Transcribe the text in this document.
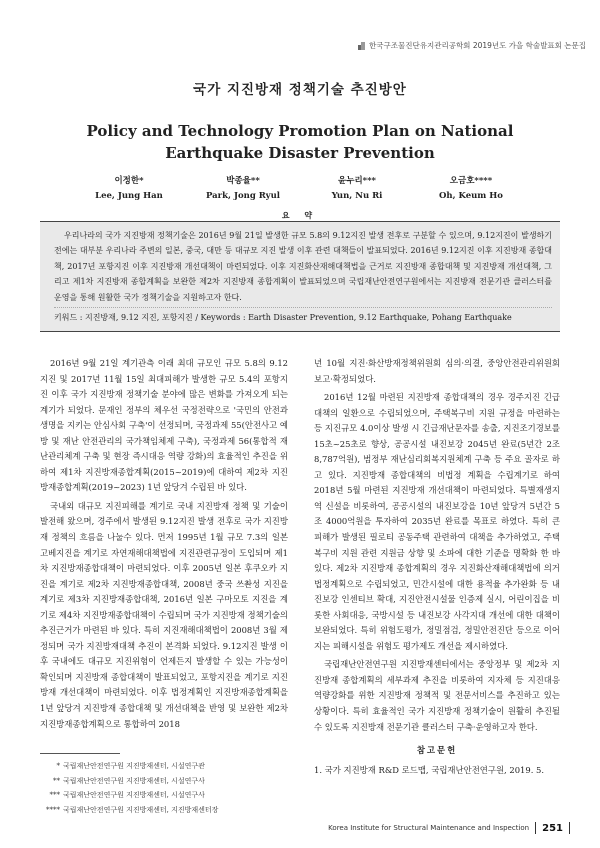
한국구조물진단유지관리공학회 2019년도 가을 학술발표회 논문집
국가 지진방재 정책기술 추진방안
Policy and Technology Promotion Plan on National Earthquake Disaster Prevention
이정한*
Lee, Jung Han
박종율**
Park, Jong Ryul
윤누리***
Yun, Nu Ri
오금호****
Oh, Keum Ho
요 약

우리나라의 국가 지진방재 정책기술은 2016년 9월 21일 발생한 규모 5.8의 9.12지진 발생 전후로 구분할 수 있으며, 9.12지진이 발생하기 전에는 대부분 우리나라 주변의 일본, 중국, 대만 등 대규모 지진 발생 이후 관련 대책들이 발표되었다. 2016년 9.12지진 이후 지진방재 종합대책, 2017년 포항지진 이후 지진방재 개선대책이 마련되었다. 이후 지진화산재해대책법을 근거로 지진방재 종합대책 및 지진방재 개선대책, 그리고 제1차 지진방재 종합계획을 보완한 제2차 지진방재 종합계획이 발표되었으며 국립재난안전연구원에서는 지진방재 전문기관 클러스터를 운영을 통해 원활한 국가 정책기술을 지원하고자 한다.

키워드 : 지진방재, 9.12 지진, 포항지진 / Keywords : Earth Disaster Prevention, 9.12 Earthquake, Pohang Earthquake

2016년 9월 21일 계기관측 이래 최대 규모인 규모 5.8의 9.12지진 및 2017년 11월 15일 최대피해가 발생한 규모 5.4의 포항지진 이후 국가 지진방재 정책기술 분야에 많은 변화를 가져오게 되는 계기가 되었다. 문재인 정부의 체우선 국정전략으로 '국민의 안전과 생명을 지키는 안심사회 구축'이 선정되며, 국정과제 55(안전사고 예방 및 재난 안전관리의 국가책임체제 구축), 국정과제 56(통합적 재난관리체계 구축 및 현장 즉시대응 역량 강화)의 효율적인 추진을 위하여 제1차 지진방재종합계획(2015~2019)에 대하여 제2차 지진방재종합계획(2019~2023) 1년 앞당겨 수립된 바 있다.

국내외 대규모 지진피해를 계기로 국내 지진방재 정책 및 기술이 발전해 왔으며, 경주에서 발생된 9.12지진 발생 전후로 국가 지진방재 정책의 흐름을 나눌수 있다. 먼저 1995년 1월 규모 7.3의 일본 고베지진을 계기로 자연재해대책법에 지진관련규정이 도입되며 제1차 지진방재종합대책이 마련되었다. 이후 2005년 일본 후쿠오카 지진을 계기로 제2차 지진방재종합대책, 2008년 중국 쓰촨성 지진을 계기로 제3차 지진방재종합대책, 2016년 일본 구마모토 지진을 계기로 제4차 지진방재종합대책이 수립되며 국가 지진방재 정책기술의 추진근거가 마련된 바 있다. 특히 지진재해대책법이 2008년 3월 제정되며 국가 지진방재대책 추진이 본격화 되었다. 9.12지진 발생 이후 국내에도 대규모 지진위험이 언제든지 발생할 수 있는 가능성이 확인되며 지진방재 종합대책이 발표되었고, 포항지진을 계기로 지진방재 개선대책이 마련되었다. 이후 법정계획인 지진방재종합계획을 1년 앞당겨 지진방재 종합대책 및 개선대책을 반영 및 보완한 제2차 지진방재종합계획으로 통합하여 2018

년 10월 지진·화산방재정책위원회 심의·의결, 중앙안전관리위원회 보고·확정되었다.

2016년 12월 마련된 지진방재 종합대책의 경우 경주지진 긴급대책의 일환으로 수립되었으며, 주택복구비 지원 규정을 마련하는 등 지진규모 4.0이상 발생 시 긴급재난문자를 송출, 지진조기경보를 15초~25초로 향상, 공공시설 내진보강 2045년 완료(5년간 2조 8,787억원), 범정부 재난심리회복지원체계 구축 등 주요 골자로 하고 있다. 지진방재 종합대책의 비법정 계획을 수립계기로 하여 2018년 5월 마련된 지진방재 개선대책이 마련되었다. 특별재생지역 신설을 비롯하여, 공공시설의 내진보강을 10년 앞당겨 5년간 5조 4000억원을 투자하여 2035년 완료를 목표로 하였다. 특히 큰 피해가 발생된 필로티 공동주택 관련하여 대책을 추가하였고, 주택복구비 지원 관련 지원금 상향 및 소파에 대한 기준을 명확화 한 바 있다. 제2차 지진방재 종합계획의 경우 지진화산재해대책법에 의거 법정계획으로 수립되었고, 민간시설에 대한 용적율 추가완화 등 내진보강 인센티브 확대, 지진안전시설물 인증제 실시, 어린이집을 비롯한 사회대응, 국방시설 등 내진보강 사각지대 개선에 대한 대책이 보완되었다. 특히 위험도평가, 정밀점검, 정밀안전진단 등으로 이어지는 피해시설을 위험도 평가제도 개선을 제시하였다.

국립재난안전연구원 지진방재센터에서는 중앙정부 및 제2차 지진방재 종합계획의 세부과제 추진을 비롯하여 지자체 등 지진대응 역량강화를 위한 지진방재 정책적 및 전문서비스를 추진하고 있는 상황이다. 특히 효율적인 국가 지진방재 정책기술이 원활히 추진될 수 있도록 지진방재 전문기관 클러스터 구축·운영하고자 한다.

참고문헌

1. 국가 지진방재 R&D 로드맵, 국립재난안전연구원, 2019. 5.

* 국립재난안전연구원 지진방재센터, 시설연구관
** 국립재난안전연구원 지진방재센터, 시설연구사
*** 국립재난안전연구원 지진방재센터, 시설연구사
**** 국립재난안전연구원 지진방재센터, 지진방재센터장
Korea Institute for Structural Maintenance and Inspection 251
